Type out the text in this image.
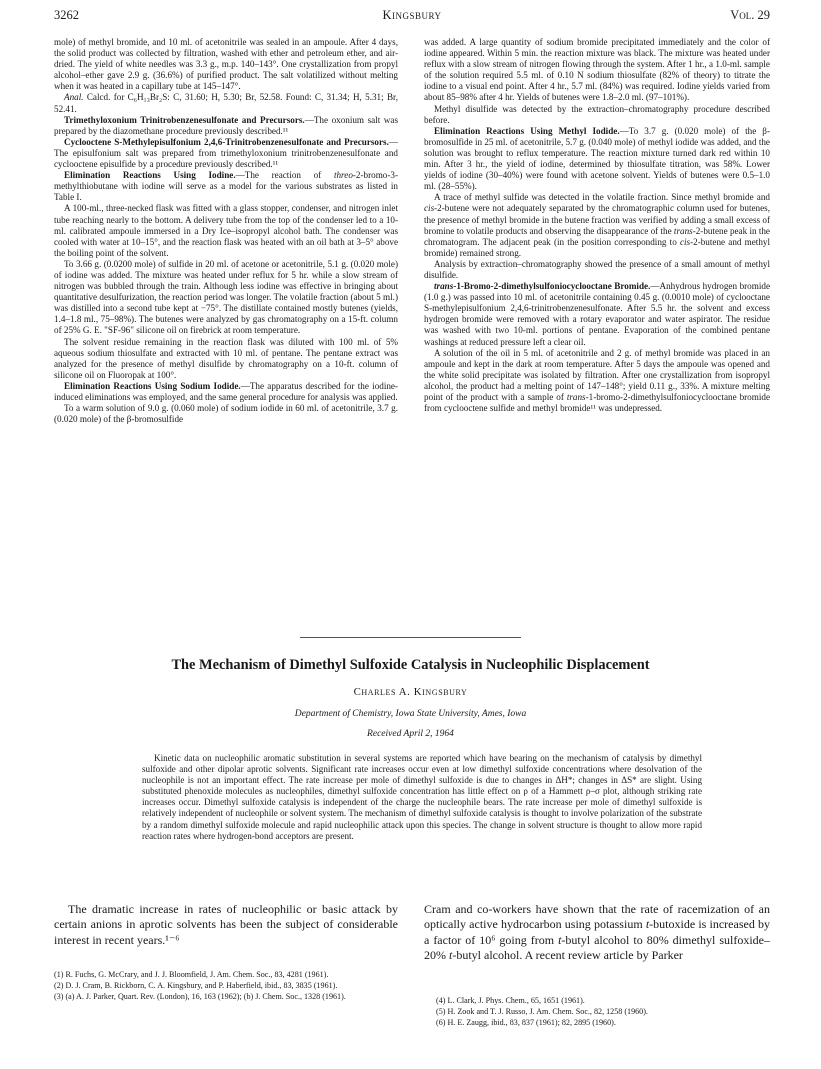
3262	Kingsbury	Vol. 29

mole) of methyl bromide, and 10 ml. of acetonitrile was sealed in an ampoule. After 4 days, the solid product was collected by filtration, washed with ether and petroleum ether, and air-dried. The yield of white needles was 3.3 g., m.p. 140–143°. One crystallization from propyl alcohol–ether gave 2.9 g. (36.6%) of purified product. The salt volatilized without melting when it was heated in a capillary tube at 145–147°.

Anal. Calcd. for C₆H₁₃Br₂S: C, 31.60; H, 5.30; Br, 52.58. Found: C, 31.34; H, 5.31; Br, 52.41.

Trimethyloxonium Trinitrobenzenesulfonate and Precursors.—The oxonium salt was prepared by the diazomethane procedure previously described.¹¹

Cyclooctene S-Methylepisulfonium 2,4,6-Trinitrobenzenesulfonate and Precursors.—The episulfonium salt was prepared from trimethyloxonium trinitrobenzenesulfonate and cyclooctene episulfide by a procedure previously described.¹¹

Elimination Reactions Using Iodine.—The reaction of threo-2-bromo-3-methylthiobutane with iodine will serve as a model for the various substrates as listed in Table I.

A 100-ml., three-necked flask was fitted with a glass stopper, condenser, and nitrogen inlet tube reaching nearly to the bottom. A delivery tube from the top of the condenser led to a 10-ml. calibrated ampoule immersed in a Dry Ice–isopropyl alcohol bath. The condenser was cooled with water at 10–15°, and the reaction flask was heated with an oil bath at 3–5° above the boiling point of the solvent.

To 3.66 g. (0.0200 mole) of sulfide in 20 ml. of acetone or acetonitrile, 5.1 g. (0.020 mole) of iodine was added. The mixture was heated under reflux for 5 hr. while a slow stream of nitrogen was bubbled through the train. Although less iodine was effective in bringing about quantitative desulfurization, the reaction period was longer. The volatile fraction (about 5 ml.) was distilled into a second tube kept at −75°. The distillate contained mostly butenes (yields, 1.4–1.8 ml., 75–98%). The butenes were analyzed by gas chromatography on a 15-ft. column of 25% G. E. "SF-96" silicone oil on firebrick at room temperature.

The solvent residue remaining in the reaction flask was diluted with 100 ml. of 5% aqueous sodium thiosulfate and extracted with 10 ml. of pentane. The pentane extract was analyzed for the presence of methyl disulfide by chromatography on a 10-ft. column of silicone oil on Fluoropak at 100°.

Elimination Reactions Using Sodium Iodide.—The apparatus described for the iodine-induced eliminations was employed, and the same general procedure for analysis was applied.

To a warm solution of 9.0 g. (0.060 mole) of sodium iodide in 60 ml. of acetonitrile, 3.7 g. (0.020 mole) of the β-bromosulfide

was added. A large quantity of sodium bromide precipitated immediately and the color of iodine appeared. Within 5 min. the reaction mixture was black. The mixture was heated under reflux with a slow stream of nitrogen flowing through the system. After 1 hr., a 1.0-ml. sample of the solution required 5.5 ml. of 0.10 N sodium thiosulfate (82% of theory) to titrate the iodine to a visual end point. After 4 hr., 5.7 ml. (84%) was required. Iodine yields varied from about 85–98% after 4 hr. Yields of butenes were 1.8–2.0 ml. (97–101%).

Methyl disulfide was detected by the extraction–chromatography procedure described before.

Elimination Reactions Using Methyl Iodide.—To 3.7 g. (0.020 mole) of the β-bromosulfide in 25 ml. of acetonitrile, 5.7 g. (0.040 mole) of methyl iodide was added, and the solution was brought to reflux temperature. The reaction mixture turned dark red within 10 min. After 3 hr., the yield of iodine, determined by thiosulfate titration, was 58%. Lower yields of iodine (30–40%) were found with acetone solvent. Yields of butenes were 0.5–1.0 ml. (28–55%).

A trace of methyl sulfide was detected in the volatile fraction. Since methyl bromide and cis-2-butene were not adequately separated by the chromatographic column used for butenes, the presence of methyl bromide in the butene fraction was verified by adding a small excess of bromine to volatile products and observing the disappearance of the trans-2-butene peak in the chromatogram. The adjacent peak (in the position corresponding to cis-2-butene and methyl bromide) remained strong.

Analysis by extraction–chromatography showed the presence of a small amount of methyl disulfide.

trans-1-Bromo-2-dimethylsulfoniocyclooctane Bromide.—Anhydrous hydrogen bromide (1.0 g.) was passed into 10 ml. of acetonitrile containing 0.45 g. (0.0010 mole) of cyclooctane S-methylepisulfonium 2,4,6-trinitrobenzenesulfonate. After 5.5 hr. the solvent and excess hydrogen bromide were removed with a rotary evaporator and water aspirator. The residue was washed with two 10-ml. portions of pentane. Evaporation of the combined pentane washings at reduced pressure left a clear oil.

A solution of the oil in 5 ml. of acetonitrile and 2 g. of methyl bromide was placed in an ampoule and kept in the dark at room temperature. After 5 days the ampoule was opened and the white solid precipitate was isolated by filtration. After one crystallization from isopropyl alcohol, the product had a melting point of 147–148°; yield 0.11 g., 33%. A mixture melting point of the product with a sample of trans-1-bromo-2-dimethylsulfoniocyclooctane bromide from cyclooctene sulfide and methyl bromide¹¹ was undepressed.

The Mechanism of Dimethyl Sulfoxide Catalysis in Nucleophilic Displacement
Charles A. Kingsbury
Department of Chemistry, Iowa State University, Ames, Iowa
Received April 2, 1964

Kinetic data on nucleophilic aromatic substitution in several systems are reported which have bearing on the mechanism of catalysis by dimethyl sulfoxide and other dipolar aprotic solvents. Significant rate increases occur even at low dimethyl sulfoxide concentrations where desolvation of the nucleophile is not an important effect. The rate increase per mole of dimethyl sulfoxide is due to changes in ΔH*; changes in ΔS* are slight. Using substituted phenoxide molecules as nucleophiles, dimethyl sulfoxide concentration has little effect on ρ of a Hammett ρ–σ plot, although striking rate increases occur. Dimethyl sulfoxide catalysis is independent of the charge the nucleophile bears. The rate increase per mole of dimethyl sulfoxide is relatively independent of nucleophile or solvent system. The mechanism of dimethyl sulfoxide catalysis is thought to involve polarization of the substrate by a random dimethyl sulfoxide molecule and rapid nucleophilic attack upon this species. The change in solvent structure is thought to allow more rapid reaction rates where hydrogen-bond acceptors are present.

The dramatic increase in rates of nucleophilic or basic attack by certain anions in aprotic solvents has been the subject of considerable interest in recent years.¹⁻⁶

Cram and co-workers have shown that the rate of racemization of an optically active hydrocarbon using potassium t-butoxide is increased by a factor of 10⁶ going from t-butyl alcohol to 80% dimethyl sulfoxide–20% t-butyl alcohol. A recent review article by Parker

(1) R. Fuchs, G. McCrary, and J. J. Bloomfield, J. Am. Chem. Soc., 83, 4281 (1961).

(2) D. J. Cram, B. Rickborn, C. A. Kingsbury, and P. Haberfield, ibid., 83, 3835 (1961).

(3) (a) A. J. Parker, Quart. Rev. (London), 16, 163 (1962); (b) J. Chem. Soc., 1328 (1961).	(4) L. Clark, J. Phys. Chem., 65, 1651 (1961).

(5) H. Zook and T. J. Russo, J. Am. Chem. Soc., 82, 1258 (1960).

(6) H. E. Zaugg, ibid., 83, 837 (1961); 82, 2895 (1960).
